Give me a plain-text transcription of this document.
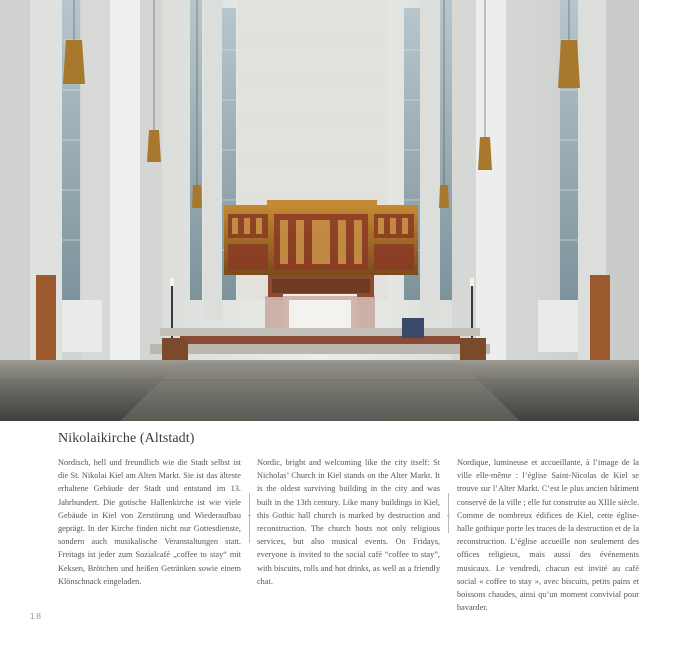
Nikolaikirche (Altstadt)
Nordisch, hell und freundlich wie die Stadt selbst ist die St. Nikolai Kiel am Alten Markt. Sie ist das älteste erhaltene Gebäude der Stadt und entstand im 13. Jahrhundert. Die gotische Hallenkirche ist wie viele Gebäude in Kiel von Zerstörung und Wiederaufbau geprägt. In der Kirche finden nicht nur Gottesdienste, sondern auch musikalische Veranstaltungen statt. Freitags ist jeder zum Sozialcafé „coffee to stay“ mit Keksen, Brötchen und heißen Getränken sowie einem Klönschnack eingeladen.
Nordic, bright and welcoming like the city itself: St Nicholas’ Church in Kiel stands on the Alter Markt. It is the oldest surviving building in the city and was built in the 13th century. Like many buildings in Kiel, this Gothic hall church is marked by destruction and reconstruction. The church hosts not only religious services, but also musical events. On Fridays, everyone is invited to the social café “coffee to stay”, with biscuits, rolls and hot drinks, as well as a friendly chat.
Nordique, lumineuse et accueillante, à l’image de la ville elle-même : l’église Saint-Nicolas de Kiel se trouve sur l’Alter Markt. C’est le plus ancien bâtiment conservé de la ville ; elle fut construite au XIIIe siècle. Comme de nombreux édifices de Kiel, cette église-halle gothique porte les traces de la destruction et de la reconstruction. L’église accueille non seulement des offices religieux, mais aussi des événements musicaux. Le vendredi, chacun est invité au café social « coffee to stay », avec biscuits, petits pains et boissons chaudes, ainsi qu’un moment convivial pour bavarder.
18
